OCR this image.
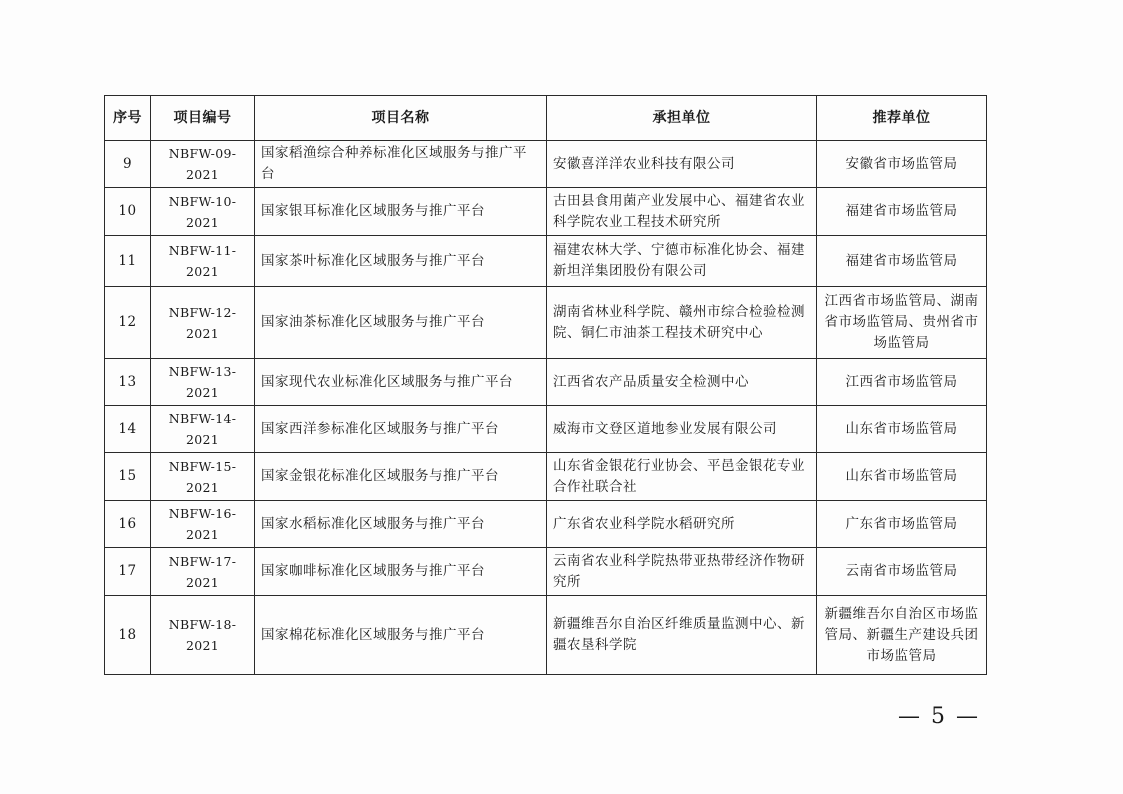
序号	项目编号	项目名称	承担单位	推荐单位
9	NBFW-09-2021	国家稻渔综合种养标准化区域服务与推广平台	安徽喜洋洋农业科技有限公司	安徽省市场监管局
10	NBFW-10-2021	国家银耳标准化区域服务与推广平台	古田县食用菌产业发展中心、福建省农业科学院农业工程技术研究所	福建省市场监管局
11	NBFW-11-2021	国家茶叶标准化区域服务与推广平台	福建农林大学、宁德市标准化协会、福建新坦洋集团股份有限公司	福建省市场监管局
12	NBFW-12-2021	国家油茶标准化区域服务与推广平台	湖南省林业科学院、赣州市综合检验检测院、铜仁市油茶工程技术研究中心	江西省市场监管局、湖南省市场监管局、贵州省市场监管局
13	NBFW-13-2021	国家现代农业标准化区域服务与推广平台	江西省农产品质量安全检测中心	江西省市场监管局
14	NBFW-14-2021	国家西洋参标准化区域服务与推广平台	威海市文登区道地参业发展有限公司	山东省市场监管局
15	NBFW-15-2021	国家金银花标准化区域服务与推广平台	山东省金银花行业协会、平邑金银花专业合作社联合社	山东省市场监管局
16	NBFW-16-2021	国家水稻标准化区域服务与推广平台	广东省农业科学院水稻研究所	广东省市场监管局
17	NBFW-17-2021	国家咖啡标准化区域服务与推广平台	云南省农业科学院热带亚热带经济作物研究所	云南省市场监管局
18	NBFW-18-2021	国家棉花标准化区域服务与推广平台	新疆维吾尔自治区纤维质量监测中心、新疆农垦科学院	新疆维吾尔自治区市场监管局、新疆生产建设兵团市场监管局
— 5 —
